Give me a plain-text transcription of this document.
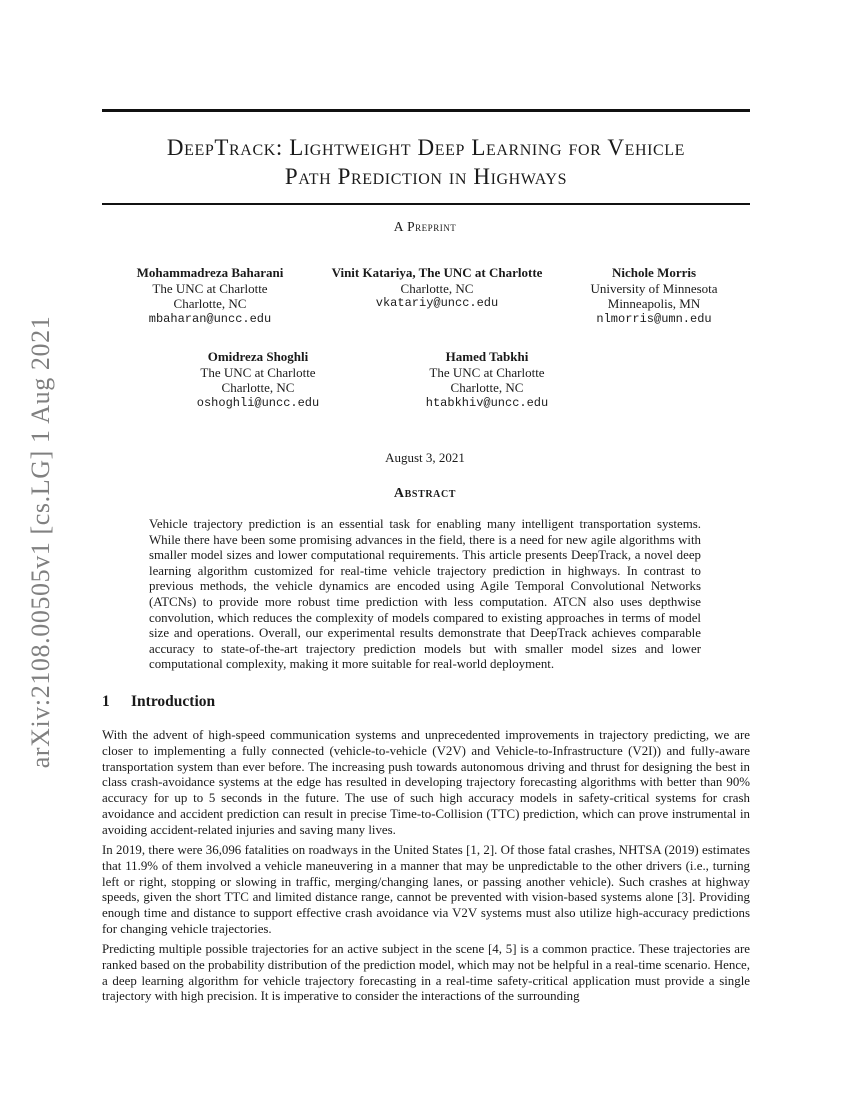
arXiv:2108.00505v1 [cs.LG] 1 Aug 2021
DeepTrack: Lightweight Deep Learning for Vehicle
Path Prediction in Highways
A Preprint
Mohammadreza Baharani
The UNC at Charlotte
Charlotte, NC
mbaharan@uncc.edu
Vinit Katariya, The UNC at Charlotte
Charlotte, NC
vkatariy@uncc.edu
Nichole Morris
University of Minnesota
Minneapolis, MN
nlmorris@umn.edu
Omidreza Shoghli
The UNC at Charlotte
Charlotte, NC
oshoghli@uncc.edu
Hamed Tabkhi
The UNC at Charlotte
Charlotte, NC
htabkhiv@uncc.edu
August 3, 2021
Abstract
Vehicle trajectory prediction is an essential task for enabling many intelligent transportation systems. While there have been some promising advances in the field, there is a need for new agile algorithms with smaller model sizes and lower computational requirements. This article presents DeepTrack, a novel deep learning algorithm customized for real-time vehicle trajectory prediction in highways. In contrast to previous methods, the vehicle dynamics are encoded using Agile Temporal Convolutional Networks (ATCNs) to provide more robust time prediction with less computation. ATCN also uses depthwise convolution, which reduces the complexity of models compared to existing approaches in terms of model size and operations. Overall, our experimental results demonstrate that DeepTrack achieves comparable accuracy to state-of-the-art trajectory prediction models but with smaller model sizes and lower computational complexity, making it more suitable for real-world deployment.
1 Introduction
With the advent of high-speed communication systems and unprecedented improvements in trajectory predicting, we are closer to implementing a fully connected (vehicle-to-vehicle (V2V) and Vehicle-to-Infrastructure (V2I)) and fully-aware transportation system than ever before. The increasing push towards autonomous driving and thrust for designing the best in class crash-avoidance systems at the edge has resulted in developing trajectory forecasting algorithms with better than 90% accuracy for up to 5 seconds in the future. The use of such high accuracy models in safety-critical systems for crash avoidance and accident prediction can result in precise Time-to-Collision (TTC) prediction, which can prove instrumental in avoiding accident-related injuries and saving many lives.
In 2019, there were 36,096 fatalities on roadways in the United States [1, 2]. Of those fatal crashes, NHTSA (2019) estimates that 11.9% of them involved a vehicle maneuvering in a manner that may be unpredictable to the other drivers (i.e., turning left or right, stopping or slowing in traffic, merging/changing lanes, or passing another vehicle). Such crashes at highway speeds, given the short TTC and limited distance range, cannot be prevented with vision-based systems alone [3]. Providing enough time and distance to support effective crash avoidance via V2V systems must also utilize high-accuracy predictions for changing vehicle trajectories.
Predicting multiple possible trajectories for an active subject in the scene [4, 5] is a common practice. These trajectories are ranked based on the probability distribution of the prediction model, which may not be helpful in a real-time scenario. Hence, a deep learning algorithm for vehicle trajectory forecasting in a real-time safety-critical application must provide a single trajectory with high precision. It is imperative to consider the interactions of the surrounding
